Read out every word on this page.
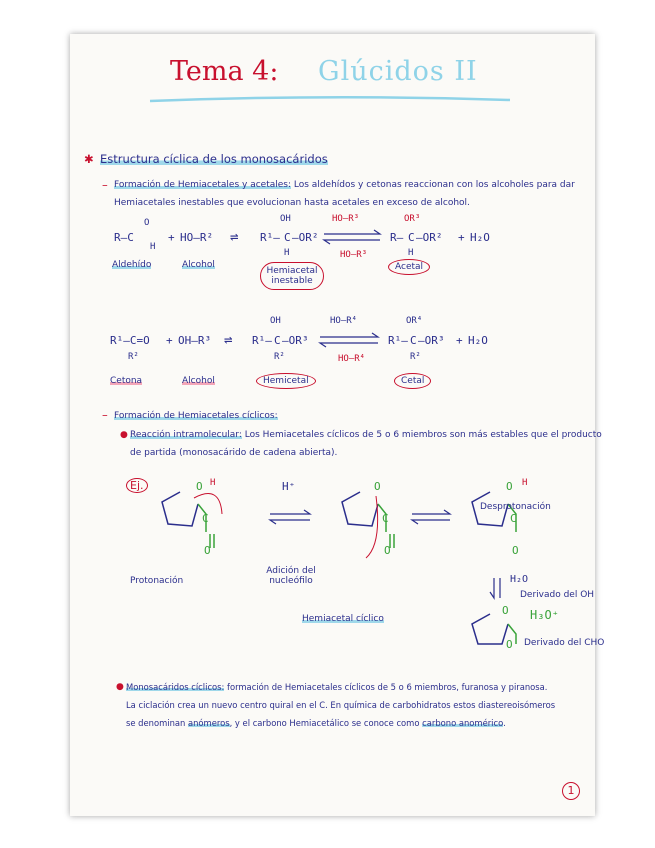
Tema 4: Glúcidos II
✱ Estructura cíclica de los monosacáridos
– Formación de Hemiacetales y acetales: Los aldehídos y cetonas reaccionan con los alcoholes para dar
Hemiacetales inestables que evolucionan hasta acetales en exceso de alcohol.
R–C
O
H
+ HO–R² ⇌ R¹– C –OR²
OH
H
HO–R³
HO–R³
R– C –OR²
OR³
H
+ H₂O
Aldehído	Alcohol
Hemiacetal inestable
Acetal
R¹–C=O
R²
+ OH–R³ ⇌ R¹– C –OR³
OH
R²
HO–R⁴
HO–R⁴
R¹– C –OR³
OR⁴
R²
+ H₂O
Cetona	Alcohol	Hemicetal	Cetal
– Formación de Hemiacetales cíclicos:
● Reacción intramolecular: Los Hemiacetales cíclicos de 5 o 6 miembros son más estables que el producto
de partida (monosacárido de cadena abierta).
Ej.	O H
C
O
H⁺	O
C
O
O H
C
O
Protonación
Adición del nucleófilo
Desprotonación
H₂O
Hemiacetal cíclico
O H₃O⁺
Derivado del OH
O Derivado del CHO
● Monosacáridos cíclicos: formación de Hemiacetales cíclicos de 5 o 6 miembros, furanosa y piranosa.
La ciclación crea un nuevo centro quiral en el C. En química de carbohidratos estos diastereoisómeros
se denominan anómeros, y el carbono Hemiacetálico se conoce como carbono anomérico.
1
